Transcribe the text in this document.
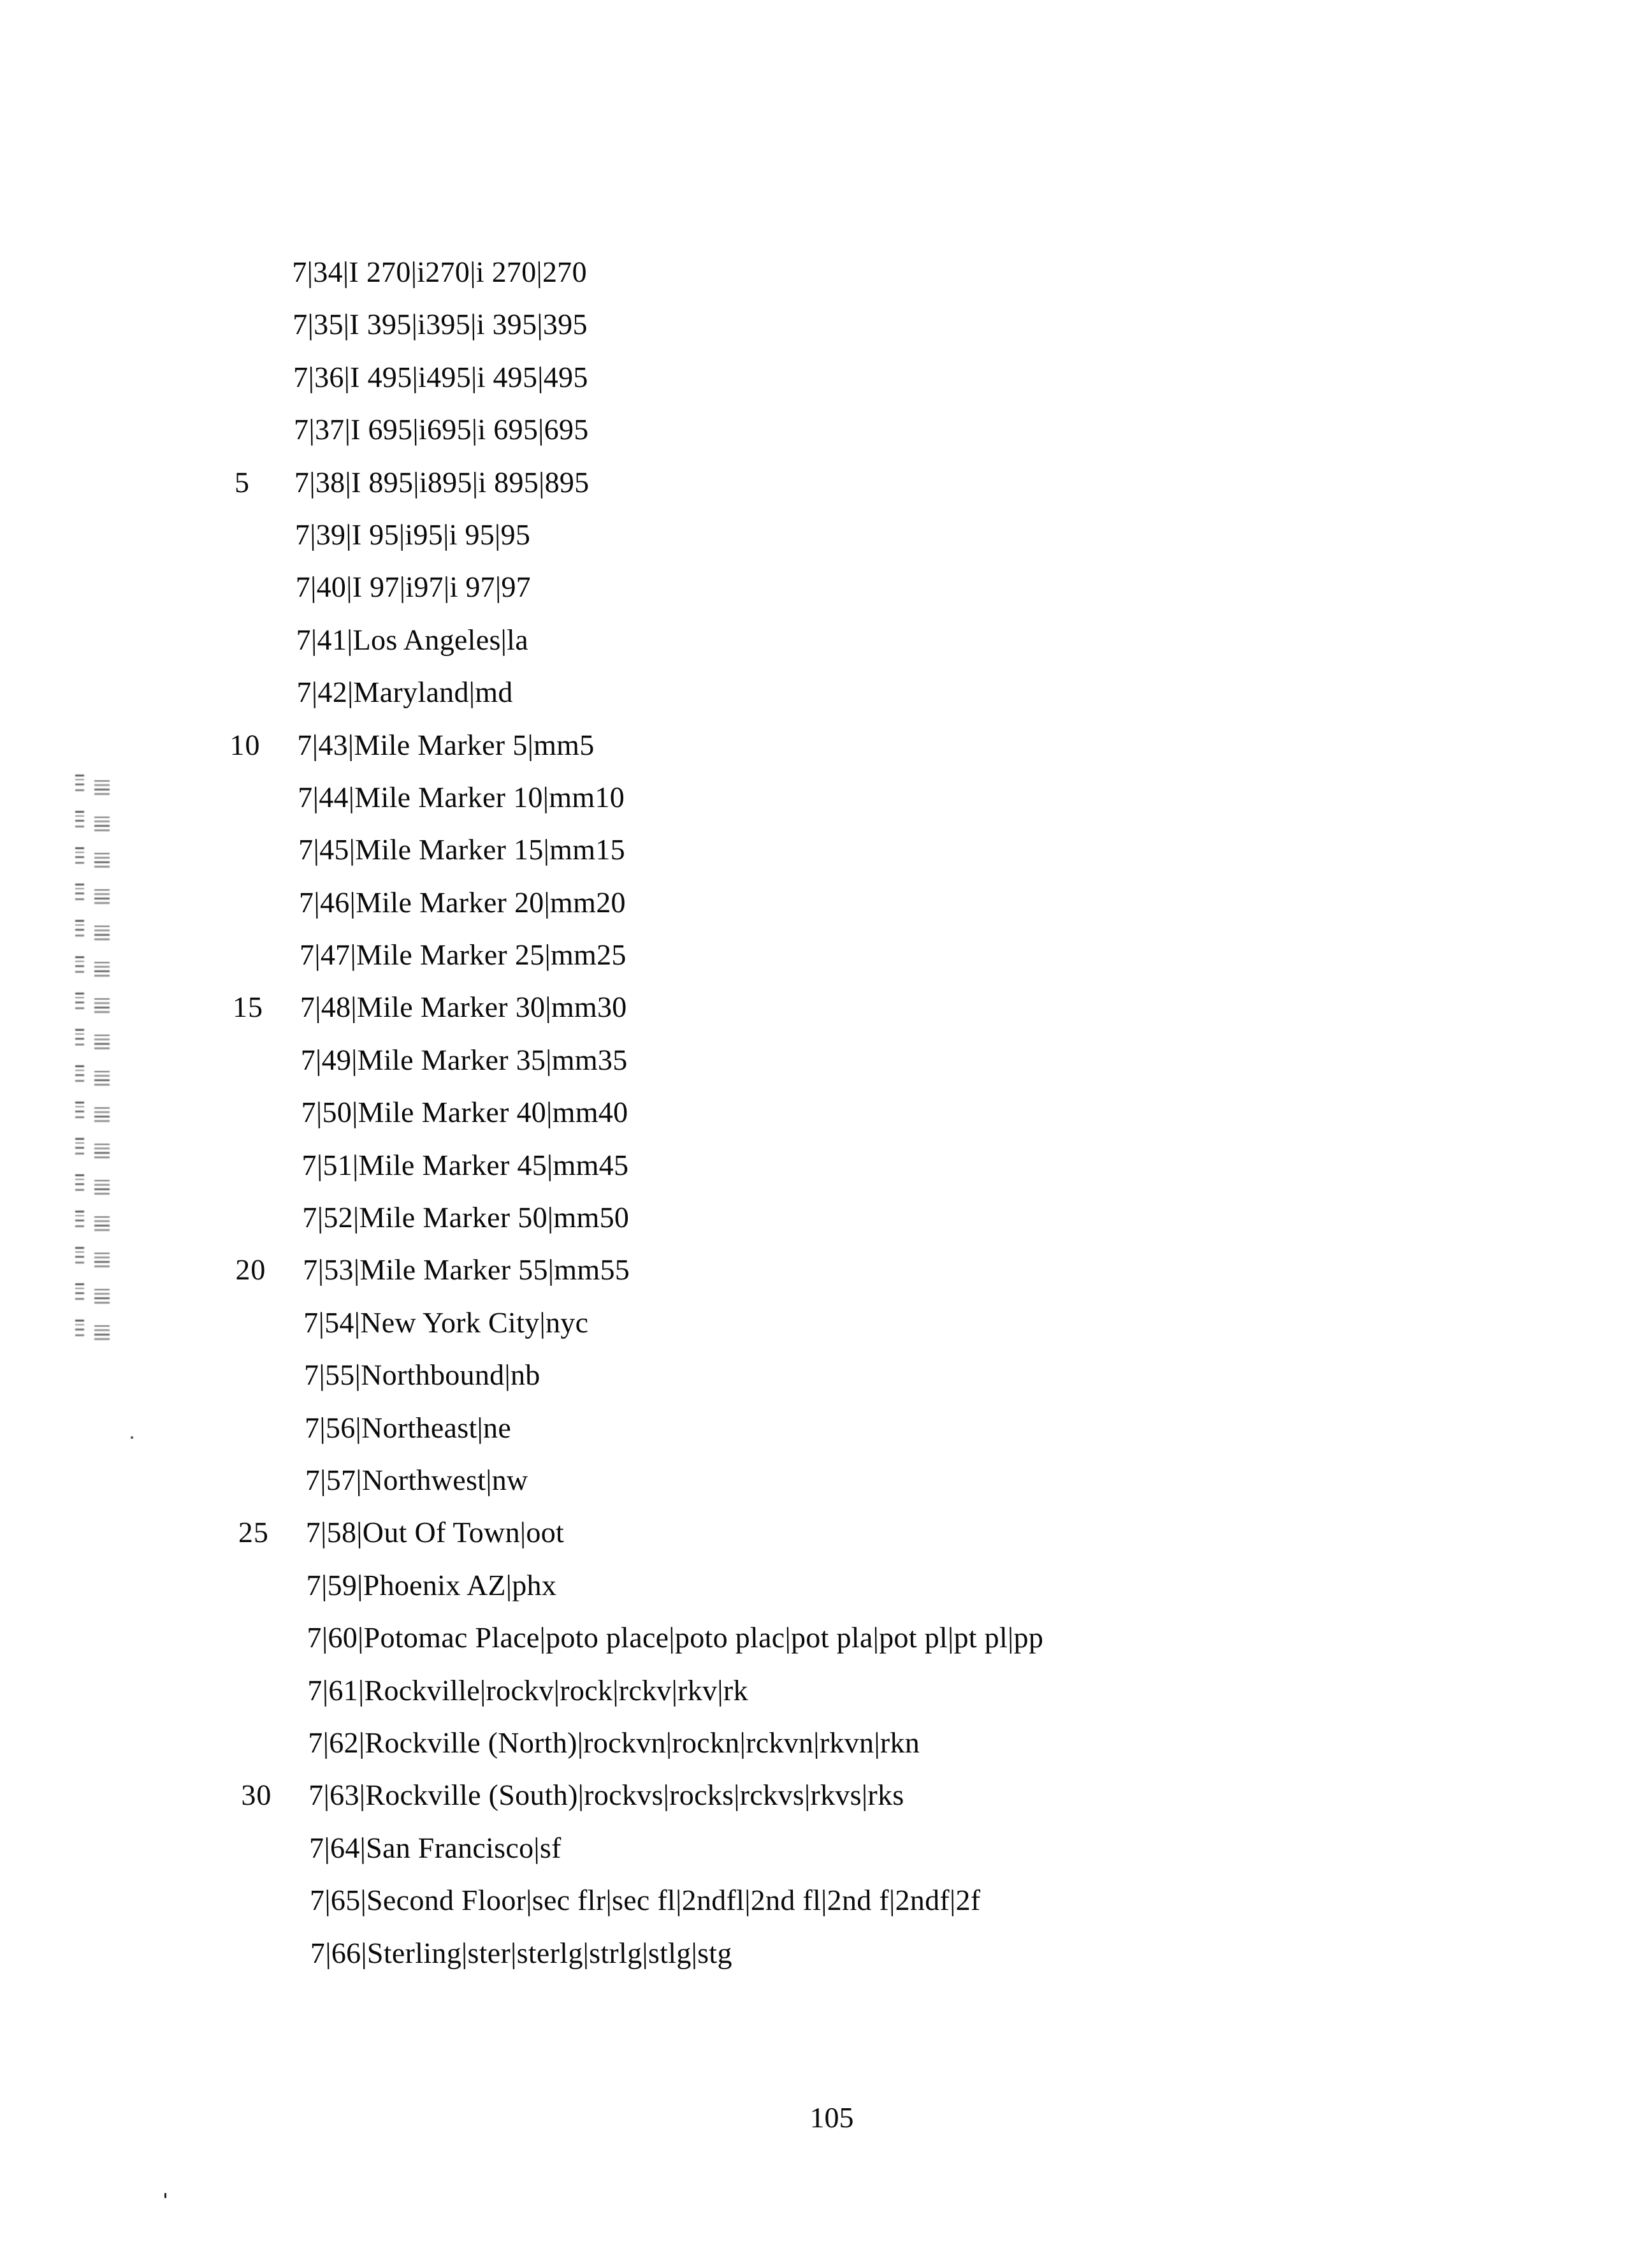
7|34|I 270|i270|i 270|270
7|35|I 395|i395|i 395|395
7|36|I 495|i495|i 495|495
7|37|I 695|i695|i 695|695
5	7|38|I 895|i895|i 895|895
7|39|I 95|i95|i 95|95
7|40|I 97|i97|i 97|97
7|41|Los Angeles|la
7|42|Maryland|md
10	7|43|Mile Marker 5|mm5
7|44|Mile Marker 10|mm10
7|45|Mile Marker 15|mm15
7|46|Mile Marker 20|mm20
7|47|Mile Marker 25|mm25
15	7|48|Mile Marker 30|mm30
7|49|Mile Marker 35|mm35
7|50|Mile Marker 40|mm40
7|51|Mile Marker 45|mm45
7|52|Mile Marker 50|mm50
20	7|53|Mile Marker 55|mm55
7|54|New York City|nyc
7|55|Northbound|nb
7|56|Northeast|ne
7|57|Northwest|nw
25	7|58|Out Of Town|oot
7|59|Phoenix AZ|phx
7|60|Potomac Place|poto place|poto plac|pot pla|pot pl|pt pl|pp
7|61|Rockville|rockv|rock|rckv|rkv|rk
7|62|Rockville (North)|rockvn|rockn|rckvn|rkvn|rkn
30	7|63|Rockville (South)|rockvs|rocks|rckvs|rkvs|rks
7|64|San Francisco|sf
7|65|Second Floor|sec flr|sec fl|2ndfl|2nd fl|2nd f|2ndf|2f
7|66|Sterling|ster|sterlg|strlg|stlg|stg
105
